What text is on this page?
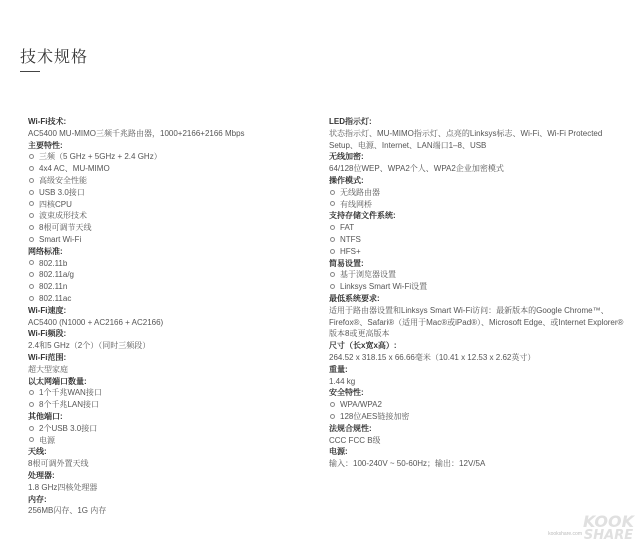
技术规格
Wi-Fi技术:
AC5400 MU-MIMO三频千兆路由器，1000+2166+2166 Mbps
主要特性:
三频（5 GHz + 5GHz + 2.4 GHz）
4x4 AC、MU-MIMO
高级安全性能
USB 3.0接口
四核CPU
波束成形技术
8根可调节天线
Smart Wi-Fi
网络标准:
802.11b
802.11a/g
802.11n
802.11ac
Wi-Fi速度:
AC5400 (N1000 + AC2166 + AC2166)
Wi-Fi频段:
2.4和5 GHz（2个）（同时三频段）
Wi-Fi范围:
超大型家庭
以太网端口数量:
1个千兆WAN接口
8个千兆LAN接口
其他端口:
2个USB 3.0接口
电源
天线:
8根可调外置天线
处理器:
1.8 GHz四核处理器
内存:
256MB闪存、1G 内存
LED指示灯:
状态指示灯、MU-MIMO指示灯、点亮的Linksys标志、Wi-Fi、Wi-Fi Protected Setup、电源、Internet、LAN端口1–8、USB
无线加密:
64/128位WEP、WPA2个人、WPA2企业加密模式
操作模式:
无线路由器
有线网桥
支持存储文件系统:
FAT
NTFS
HFS+
简易设置:
基于浏览器设置
Linksys Smart Wi-Fi设置
最低系统要求:
适用于路由器设置和Linksys Smart Wi-Fi访问：最新版本的Google Chrome™、Firefox®、Safari®（适用于Mac®或iPad®）、Microsoft Edge、或Internet Explorer®版本8或更高版本
尺寸（长x宽x高）:
264.52 x 318.15 x 66.66毫米（10.41 x 12.53 x 2.62英寸）
重量:
1.44 kg
安全特性:
WPA/WPA2
128位AES链接加密
法规合规性:
CCC FCC B级
电源:
输入：100-240V ~ 50-60Hz；输出：12V/5A
kookshare.com
KOOK
SHARE
